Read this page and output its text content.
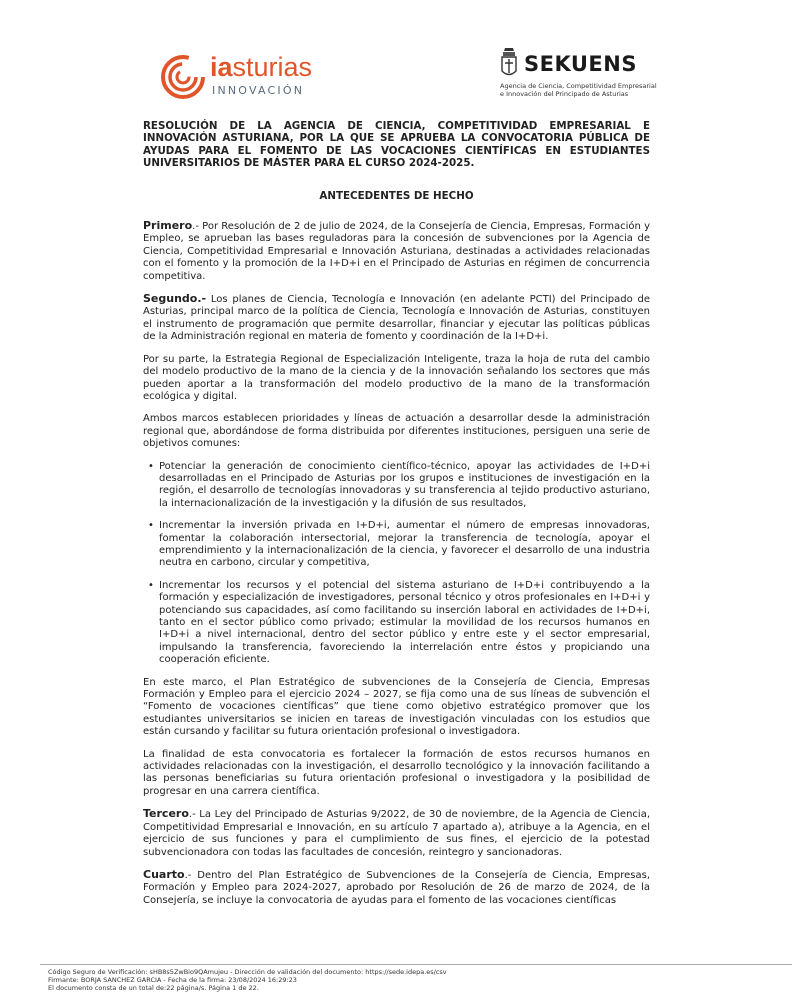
iasturias
INNOVACIÓN
SEKUENS
Agencia de Ciencia, Competitividad Empresarial
e Innovación del Principado de Asturias
RESOLUCIÓN DE LA AGENCIA DE CIENCIA, COMPETITIVIDAD EMPRESARIAL E INNOVACIÓN ASTURIANA, POR LA QUE SE APRUEBA LA CONVOCATORIA PÚBLICA DE AYUDAS PARA EL FOMENTO DE LAS VOCACIONES CIENTÍFICAS EN ESTUDIANTES UNIVERSITARIOS DE MÁSTER PARA EL CURSO 2024-2025.
ANTECEDENTES DE HECHO

Primero.- Por Resolución de 2 de julio de 2024, de la Consejería de Ciencia, Empresas, Formación y Empleo, se aprueban las bases reguladoras para la concesión de subvenciones por la Agencia de Ciencia, Competitividad Empresarial e Innovación Asturiana, destinadas a actividades relacionadas con el fomento y la promoción de la I+D+i en el Principado de Asturias en régimen de concurrencia competitiva.

Segundo.- Los planes de Ciencia, Tecnología e Innovación (en adelante PCTI) del Principado de Asturias, principal marco de la política de Ciencia, Tecnología e Innovación de Asturias, constituyen el instrumento de programación que permite desarrollar, financiar y ejecutar las políticas públicas de la Administración regional en materia de fomento y coordinación de la I+D+i.

Por su parte, la Estrategia Regional de Especialización Inteligente, traza la hoja de ruta del cambio del modelo productivo de la mano de la ciencia y de la innovación señalando los sectores que más pueden aportar a la transformación del modelo productivo de la mano de la transformación ecológica y digital.

Ambos marcos establecen prioridades y líneas de actuación a desarrollar desde la administración regional que, abordándose de forma distribuida por diferentes instituciones, persiguen una serie de objetivos comunes:

• Potenciar la generación de conocimiento científico-técnico, apoyar las actividades de I+D+i desarrolladas en el Principado de Asturias por los grupos e instituciones de investigación en la región, el desarrollo de tecnologías innovadoras y su transferencia al tejido productivo asturiano, la internacionalización de la investigación y la difusión de sus resultados,
• Incrementar la inversión privada en I+D+i, aumentar el número de empresas innovadoras, fomentar la colaboración intersectorial, mejorar la transferencia de tecnología, apoyar el emprendimiento y la internacionalización de la ciencia, y favorecer el desarrollo de una industria neutra en carbono, circular y competitiva,
• Incrementar los recursos y el potencial del sistema asturiano de I+D+i contribuyendo a la formación y especialización de investigadores, personal técnico y otros profesionales en I+D+i y potenciando sus capacidades, así como facilitando su inserción laboral en actividades de I+D+i, tanto en el sector público como privado; estimular la movilidad de los recursos humanos en I+D+i a nivel internacional, dentro del sector público y entre este y el sector empresarial, impulsando la transferencia, favoreciendo la interrelación entre éstos y propiciando una cooperación eficiente.

En este marco, el Plan Estratégico de subvenciones de la Consejería de Ciencia, Empresas Formación y Empleo para el ejercicio 2024 – 2027, se fija como una de sus líneas de subvención el “Fomento de vocaciones científicas” que tiene como objetivo estratégico promover que los estudiantes universitarios se inicien en tareas de investigación vinculadas con los estudios que están cursando y facilitar su futura orientación profesional o investigadora.

La finalidad de esta convocatoria es fortalecer la formación de estos recursos humanos en actividades relacionadas con la investigación, el desarrollo tecnológico y la innovación facilitando a las personas beneficiarias su futura orientación profesional o investigadora y la posibilidad de progresar en una carrera científica.

Tercero.- La Ley del Principado de Asturias 9/2022, de 30 de noviembre, de la Agencia de Ciencia, Competitividad Empresarial e Innovación, en su artículo 7 apartado a), atribuye a la Agencia, en el ejercicio de sus funciones y para el cumplimiento de sus fines, el ejercicio de la potestad subvencionadora con todas las facultades de concesión, reintegro y sancionadoras.

Cuarto.- Dentro del Plan Estratégico de Subvenciones de la Consejería de Ciencia, Empresas, Formación y Empleo para 2024-2027, aprobado por Resolución de 26 de marzo de 2024, de la Consejería, se incluye la convocatoria de ayudas para el fomento de las vocaciones científicas

Código Seguro de Verificación: sHB8s5ZwBio9QAmujeu - Dirección de validación del documento: https://sede.idepa.es/csv
Firmante: BORJA SANCHEZ GARCIA - Fecha de la firma: 23/08/2024 16:29:23
El documento consta de un total de:22 página/s. Página 1 de 22.
